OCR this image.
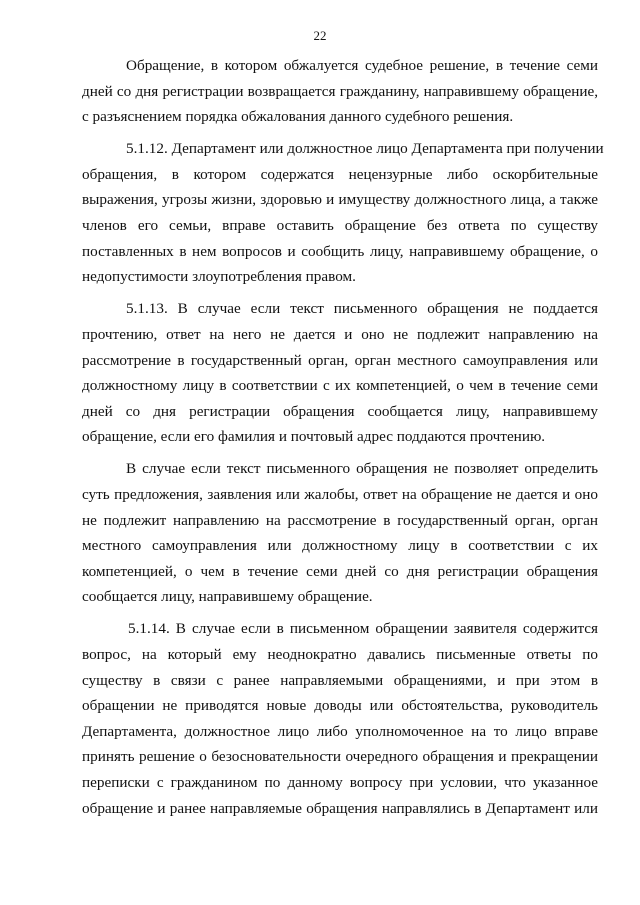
22

Обращение, в котором обжалуется судебное решение, в течение семи
дней со дня регистрации возвращается гражданину, направившему обращение,
с разъяснением порядка обжалования данного судебного решения.

5.1.12. Департамент или должностное лицо Департамента при получении
обращения, в котором содержатся нецензурные либо оскорбительные
выражения, угрозы жизни, здоровью и имуществу должностного лица, а также
членов его семьи, вправе оставить обращение без ответа по существу
поставленных в нем вопросов и сообщить лицу, направившему обращение, о
недопустимости злоупотребления правом.

5.1.13. В случае если текст письменного обращения не поддается
прочтению, ответ на него не дается и оно не подлежит направлению на
рассмотрение в государственный орган, орган местного самоуправления или
должностному лицу в соответствии с их компетенцией, о чем в течение семи
дней со дня регистрации обращения сообщается лицу, направившему
обращение, если его фамилия и почтовый адрес поддаются прочтению.

В случае если текст письменного обращения не позволяет определить
суть предложения, заявления или жалобы, ответ на обращение не дается и оно
не подлежит направлению на рассмотрение в государственный орган, орган
местного самоуправления или должностному лицу в соответствии с их
компетенцией, о чем в течение семи дней со дня регистрации обращения
сообщается лицу, направившему обращение.

5.1.14. В случае если в письменном обращении заявителя содержится
вопрос, на который ему неоднократно давались письменные ответы по
существу в связи с ранее направляемыми обращениями, и при этом в
обращении не приводятся новые доводы или обстоятельства, руководитель
Департамента, должностное лицо либо уполномоченное на то лицо вправе
принять решение о безосновательности очередного обращения и прекращении
переписки с гражданином по данному вопросу при условии, что указанное
обращение и ранее направляемые обращения направлялись в Департамент или
